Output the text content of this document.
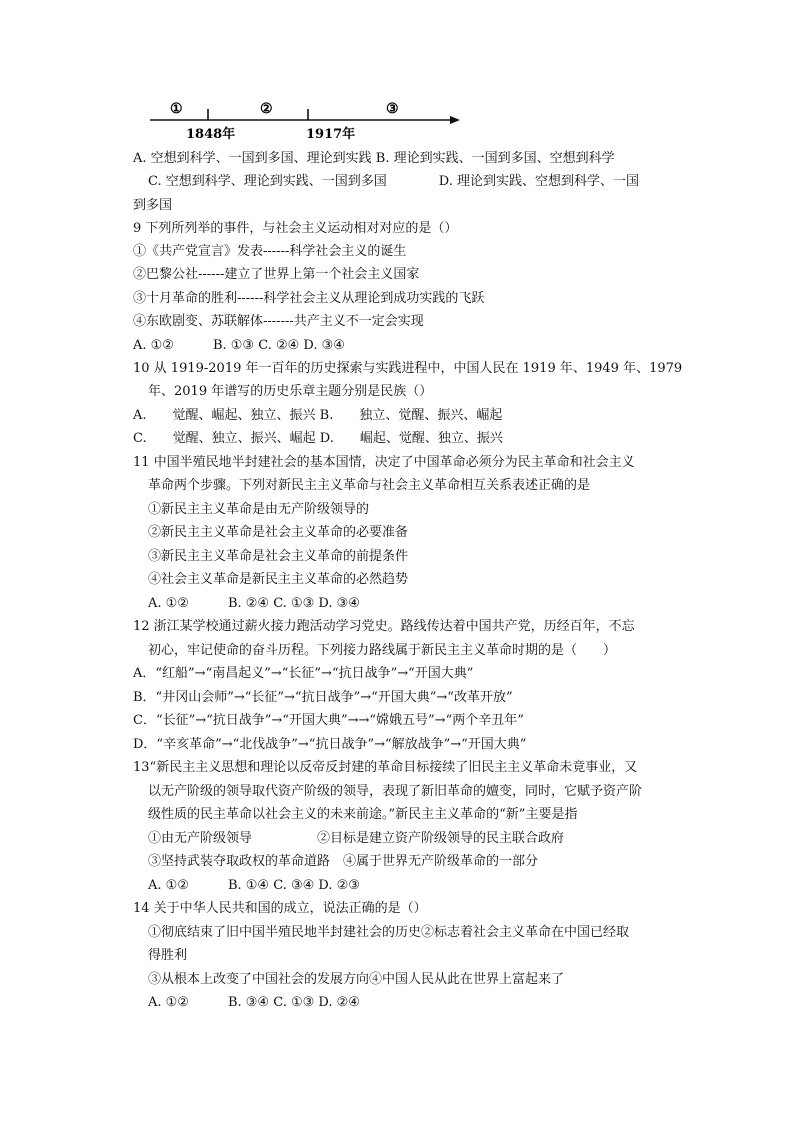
①	②	③
1848年	1917年
A. 空想到科学、一国到多国、理论到实践 B. 理论到实践、一国到多国、空想到科学
C. 空想到科学、理论到实践、一国到多国　　　　D. 理论到实践、空想到科学、一国
到多国
9 下列所列举的事件，与社会主义运动相对对应的是（）
①《共产党宣言》发表------科学社会主义的诞生
②巴黎公社------建立了世界上第一个社会主义国家
③十月革命的胜利------科学社会主义从理论到成功实践的飞跃
④东欧剧变、苏联解体-------共产主义不一定会实现
A. ①②　　　B. ①③ C. ②④ D. ③④
10 从 1919-2019 年一百年的历史探索与实践进程中，中国人民在 1919 年、1949 年、1979
年、2019 年谱写的历史乐章主题分别是民族（）
A.　　觉醒、崛起、独立、振兴 B.　　独立、觉醒、振兴、崛起
C.　　觉醒、独立、振兴、崛起 D.　　崛起、觉醒、独立、振兴
11 中国半殖民地半封建社会的基本国情，决定了中国革命必须分为民主革命和社会主义
革命两个步骤。下列对新民主主义革命与社会主义革命相互关系表述正确的是
①新民主主义革命是由无产阶级领导的
②新民主主义革命是社会主义革命的必要准备
③新民主主义革命是社会主义革命的前提条件
④社会主义革命是新民主主义革命的必然趋势
A. ①②　　　B. ②④ C. ①③ D. ③④
12 浙江某学校通过薪火接力跑活动学习党史。路线传达着中国共产党，历经百年，不忘
初心，牢记使命的奋斗历程。下列接力路线属于新民主主义革命时期的是（　　）
A．“红船”→“南昌起义”→“长征”→“抗日战争”→“开国大典”
B．“井冈山会师”→“长征”→“抗日战争”→“开国大典”→“改革开放”
C．“长征”→“抗日战争”→“开国大典”→→“嫦娥五号”→“两个辛丑年”
D．“辛亥革命”→“北伐战争”→“抗日战争”→“解放战争”→“开国大典”
13“新民主主义思想和理论以反帝反封建的革命目标接续了旧民主主义革命未竟事业，又
以无产阶级的领导取代资产阶级的领导，表现了新旧革命的嬗变，同时，它赋予资产阶
级性质的民主革命以社会主义的未来前途。”新民主主义革命的“新”主要是指
①由无产阶级领导　　　　　②目标是建立资产阶级领导的民主联合政府
③坚持武装夺取政权的革命道路　④属于世界无产阶级革命的一部分
A. ①②　　　B. ①④ C. ③④ D. ②③
14 关于中华人民共和国的成立，说法正确的是（）
①彻底结束了旧中国半殖民地半封建社会的历史②标志着社会主义革命在中国已经取
得胜利
③从根本上改变了中国社会的发展方向④中国人民从此在世界上富起来了
A. ①②　　　B. ③④ C. ①③ D. ②④
